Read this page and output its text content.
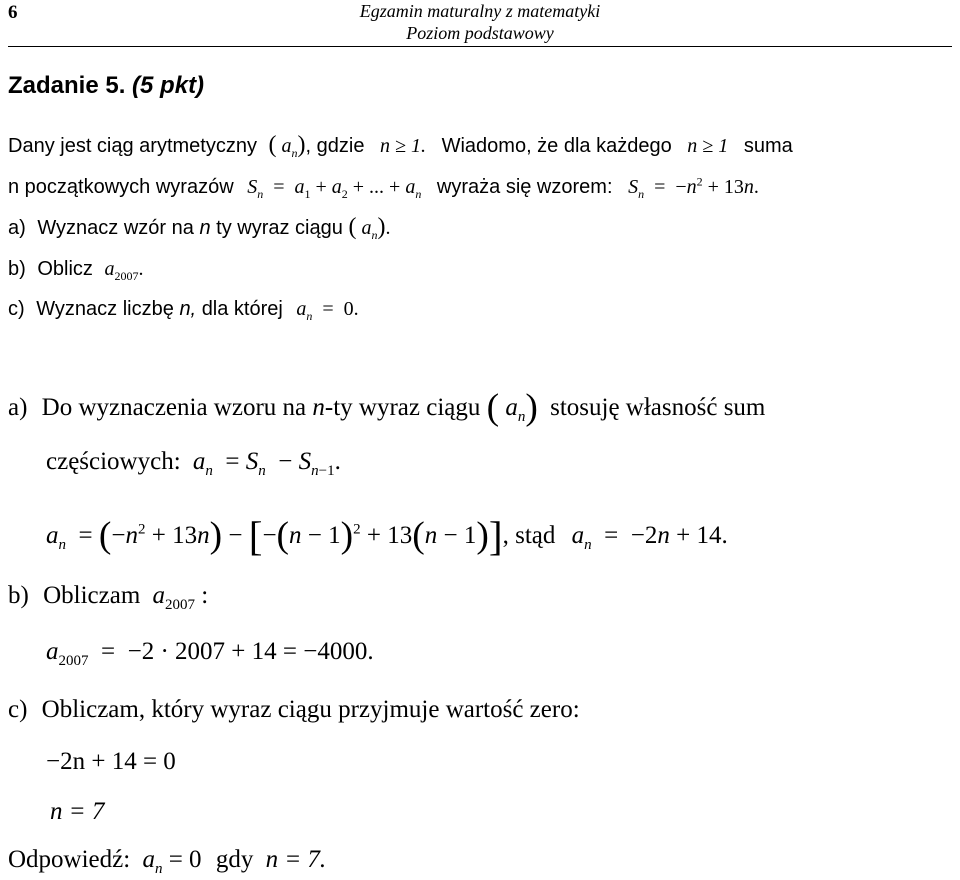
6	Egzamin maturalny z matematyki
Poziom podstawowy
Zadanie 5. (5 pkt)
Dany jest ciąg arytmetyczny ( $a_n$), gdzie n ≥ 1. Wiadomo, że dla każdego n ≥ 1 suma
n początkowych wyrazów $S_n = a_1 + a_2$ + ... + $a_n$ wyraża się wzorem: $S_n = -n^2 + 13n$.
a) Wyznacz wzór na n ty wyraz ciągu ( $a_n$).
b) Oblicz $a_{2007}$.
c) Wyznacz liczbę n, dla której $a_n = 0$.
a) Do wyznaczenia wzoru na n-ty wyraz ciągu ( $a_n$) stosuję własność sum
częściowych: $a_n = S_n - S_{n-1}$.
$a_n = (-n^2 + 13n) - [-(n - 1)^2 + 13(n - 1)]$, stąd $a_n = -2n + 14$.
b) Obliczam $a_{2007}$ :
$a_{2007} = -2 \cdot 2007 + 14 = -4000$.
c) Obliczam, który wyraz ciągu przyjmuje wartość zero:
−2n + 14 = 0
n = 7
Odpowiedź: $a_n = 0$ gdy n = 7.
